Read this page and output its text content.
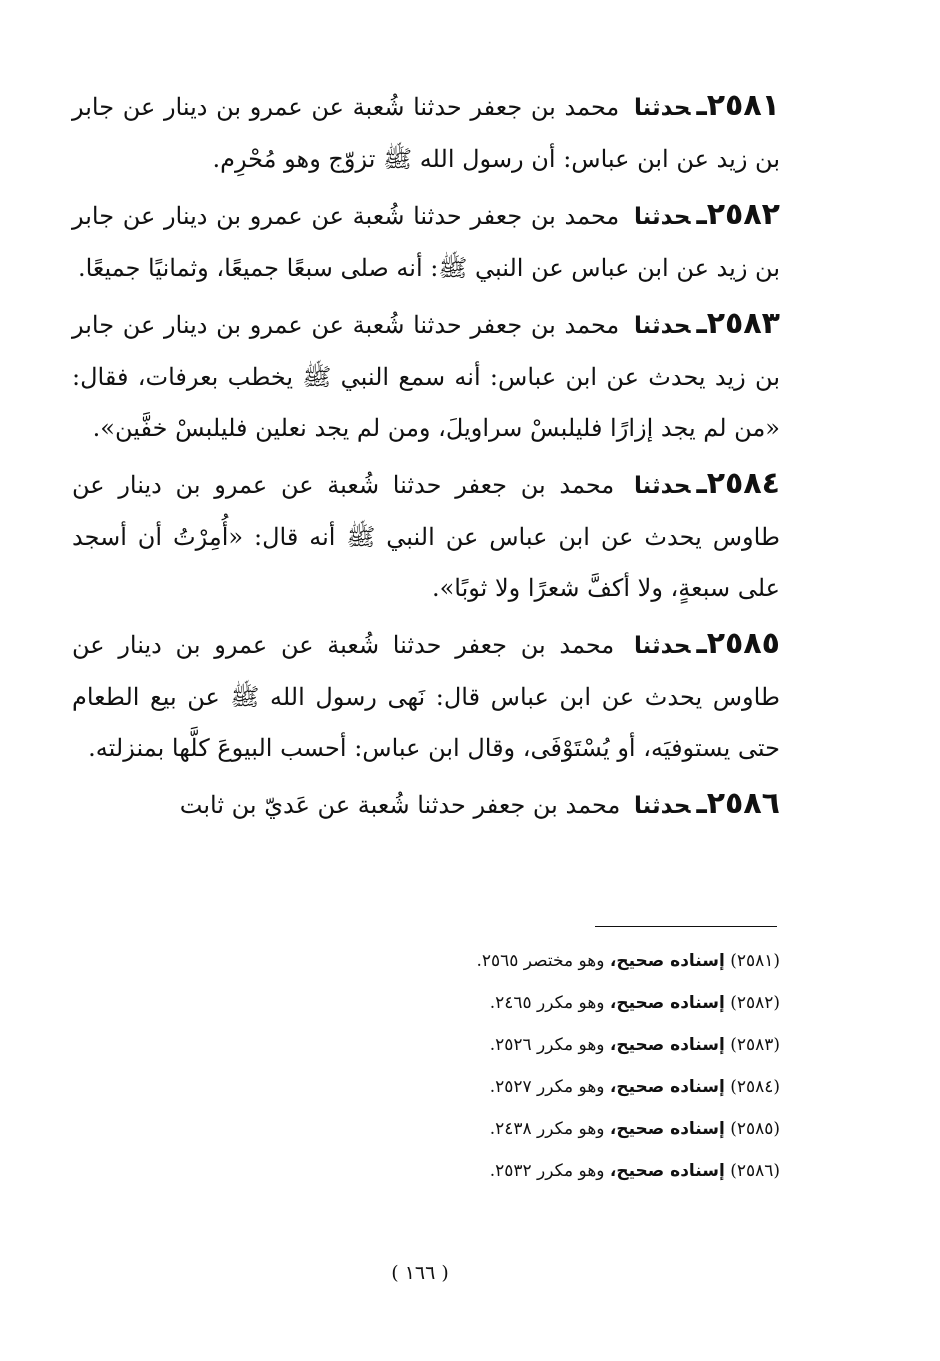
٢٥٨١ـحدثنا محمد بن جعفر حدثنا شُعبة عن عمرو بن دينار عن جابر بن زيد عن ابن عباس: أن رسول الله ﷺ تزوّج وهو مُحْرِم.

٢٥٨٢ـحدثنا محمد بن جعفر حدثنا شُعبة عن عمرو بن دينار عن جابر بن زيد عن ابن عباس عن النبي ﷺ: أنه صلى سبعًا جميعًا، وثمانيًا جميعًا.

٢٥٨٣ـحدثنا محمد بن جعفر حدثنا شُعبة عن عمرو بن دينار عن جابر بن زيد يحدث عن ابن عباس: أنه سمع النبي ﷺ يخطب بعرفات، فقال: «من لم يجد إزارًا فليلبسْ سراويلَ، ومن لم يجد نعلين فليلبسْ خفَّين».

٢٥٨٤ـحدثنا محمد بن جعفر حدثنا شُعبة عن عمرو بن دينار عن طاوس يحدث عن ابن عباس عن النبي ﷺ أنه قال: «أُمِرْتُ أن أسجد على سبعةٍ، ولا أكفَّ شعرًا ولا ثوبًا».

٢٥٨٥ـحدثنا محمد بن جعفر حدثنا شُعبة عن عمرو بن دينار عن طاوس يحدث عن ابن عباس قال: نَهى رسول الله ﷺ عن بيع الطعام حتى يستوفيَه، أو يُسْتَوْفَى، وقال ابن عباس: أحسب البيوعَ كلَّها بمنزلته.

٢٥٨٦ـحدثنا محمد بن جعفر حدثنا شُعبة عن عَديّ بن ثابت

(٢٥٨١) إسناده صحيح، وهو مختصر ٢٥٦٥.
(٢٥٨٢) إسناده صحيح، وهو مكرر ٢٤٦٥.
(٢٥٨٣) إسناده صحيح، وهو مكرر ٢٥٢٦.
(٢٥٨٤) إسناده صحيح، وهو مكرر ٢٥٢٧.
(٢٥٨٥) إسناده صحيح، وهو مكرر ٢٤٣٨.
(٢٥٨٦) إسناده صحيح، وهو مكرر ٢٥٣٢.
( ١٦٦ )
